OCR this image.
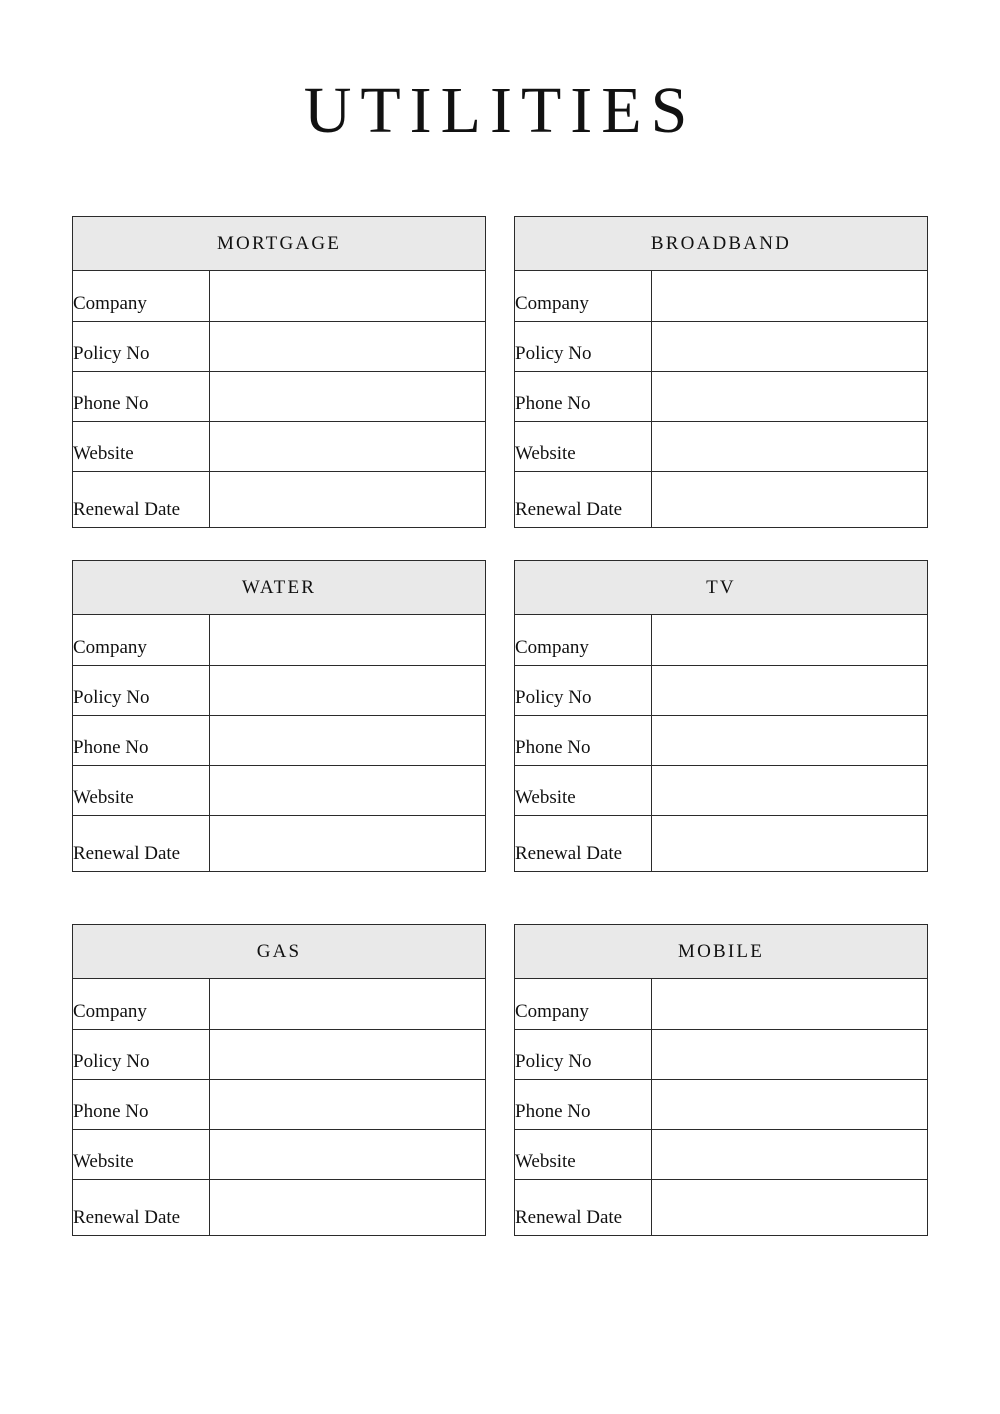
UTILITIES
MORTGAGE
Company	
Policy No	
Phone No	
Website	
Renewal Date	
BROADBAND
Company	
Policy No	
Phone No	
Website	
Renewal Date	
WATER
Company	
Policy No	
Phone No	
Website	
Renewal Date	
TV
Company	
Policy No	
Phone No	
Website	
Renewal Date	
GAS
Company	
Policy No	
Phone No	
Website	
Renewal Date	
MOBILE
Company	
Policy No	
Phone No	
Website	
Renewal Date	
